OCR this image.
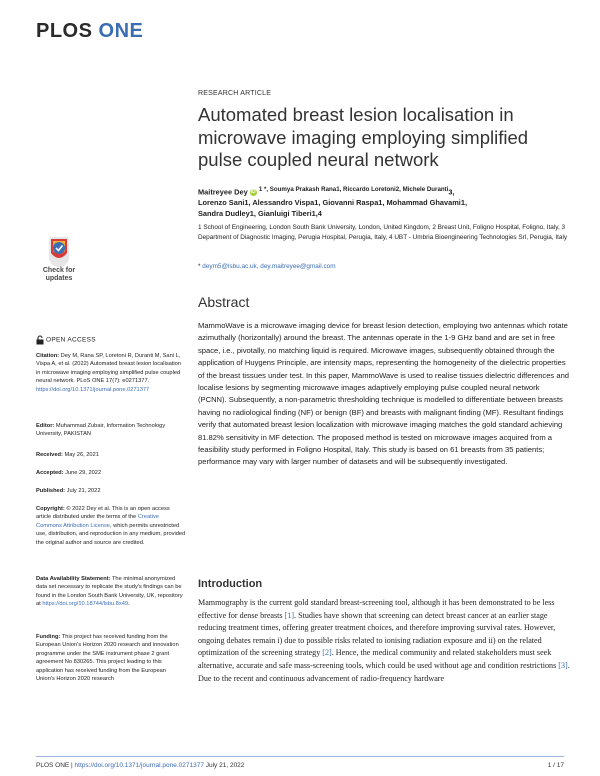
PLOS ONE
RESEARCH ARTICLE
Automated breast lesion localisation in microwave imaging employing simplified pulse coupled neural network
Maitreyee Dey iD $^{1 *, Soumya Prakash Rana1, Riccardo Loretoni2, Michele Duranti}$3,
Lorenzo Sani1, Alessandro Vispa1, Giovanni Raspa1, Mohammad Ghavami1,
Sandra Dudley1, Gianluigi Tiberi1,4
1 School of Engineering, London South Bank University, London, United Kingdom, 2 Breast Unit, Foligno Hospital, Foligno, Italy, 3 Department of Diagnostic Imaging, Perugia Hospital, Perugia, Italy, 4 UBT - Umbria Bioengineering Technologies Srl, Perugia, Italy
* deym5@lsbu.ac.uk, dey.maitreyee@gmail.com
Check for
updates
OPEN ACCESS
Citation: Dey M, Rana SP, Loretoni R, Duranti M, Sani L, Vispa A, et al. (2022) Automated breast lesion localisation in microwave imaging employing simplified pulse coupled neural network. PLoS ONE 17(7): e0271377. https://doi.org/10.1371/journal.pone.0271377
Editor: Muhammad Zubair, Information Technology University, PAKISTAN
Received: May 26, 2021
Accepted: June 29, 2022
Published: July 21, 2022
Copyright: © 2022 Dey et al. This is an open access article distributed under the terms of the Creative Commons Attribution License, which permits unrestricted use, distribution, and reproduction in any medium, provided the original author and source are credited.
Data Availability Statement: The minimal anonymized data set necessary to replicate the study's findings can be found in the London South Bank University, UK, repository at https://doi.org/10.18744/lsbu.8x49.
Funding: This project has received funding from the European Union's Horizon 2020 research and innovation programme under the SME instrument phase 2 grant agreement No 830265. This project leading to this application has received funding from the European Union's Horizon 2020 research
Abstract
MammoWave is a microwave imaging device for breast lesion detection, employing two antennas which rotate azimuthally (horizontally) around the breast. The antennas operate in the 1-9 GHz band and are set in free space, i.e., pivotally, no matching liquid is required. Microwave images, subsequently obtained through the application of Huygens Principle, are intensity maps, representing the homogeneity of the dielectric properties of the breast tissues under test. In this paper, MammoWave is used to realise tissues dielectric differences and localise lesions by segmenting microwave images adaptively employing pulse coupled neural network (PCNN). Subsequently, a non-parametric thresholding technique is modelled to differentiate between breasts having no radiological finding (NF) or benign (BF) and breasts with malignant finding (MF). Resultant findings verify that automated breast lesion localization with microwave imaging matches the gold standard achieving 81.82% sensitivity in MF detection. The proposed method is tested on microwave images acquired from a feasibility study performed in Foligno Hospital, Italy. This study is based on 61 breasts from 35 patients; performance may vary with larger number of datasets and will be subsequently investigated.
Introduction
Mammography is the current gold standard breast-screening tool, although it has been demonstrated to be less effective for dense breasts [1]. Studies have shown that screening can detect breast cancer at an earlier stage reducing treatment times, offering greater treatment choices, and therefore improving survival rates. However, ongoing debates remain i) due to possible risks related to ionising radiation exposure and ii) on the related optimization of the screening strategy [2]. Hence, the medical community and related stakeholders must seek alternative, accurate and safe mass-screening tools, which could be used without age and condition restrictions [3]. Due to the recent and continuous advancement of radio-frequency hardware
PLOS ONE | https://doi.org/10.1371/journal.pone.0271377 July 21, 2022	1 / 17
